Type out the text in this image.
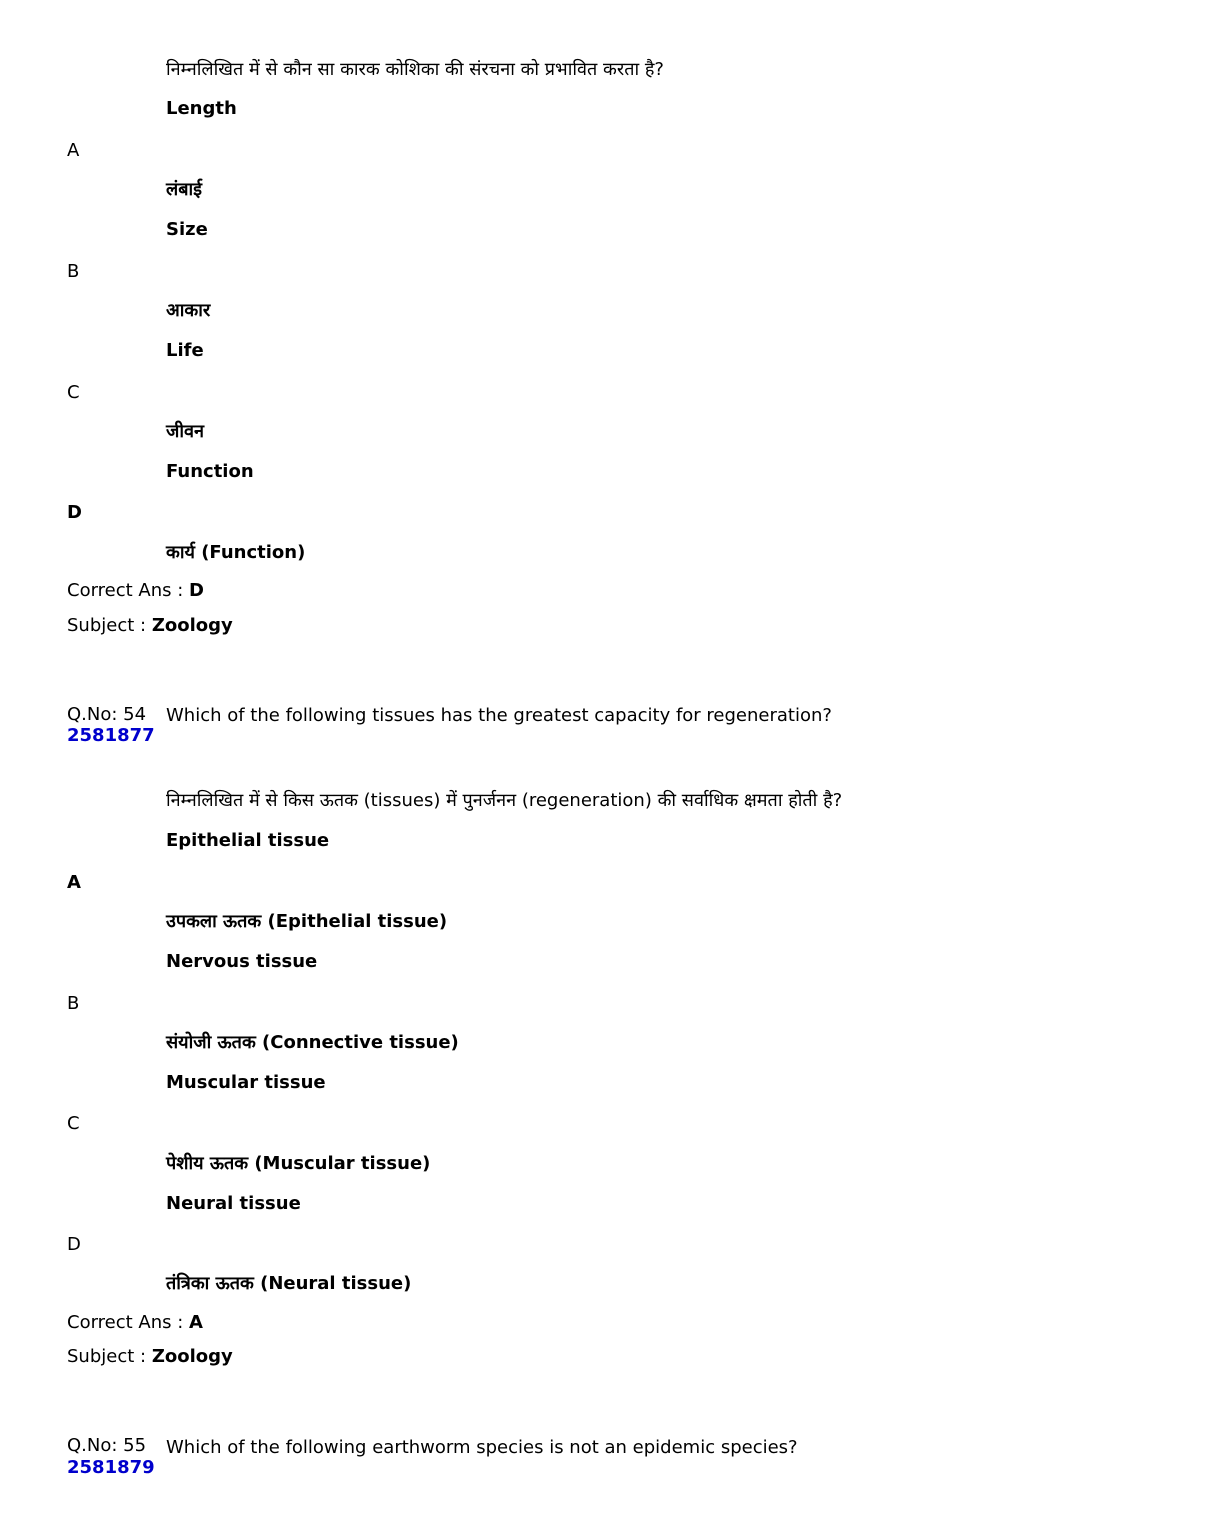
निम्नलिखित में से कौन सा कारक कोशिका की संरचना को प्रभावित करता है?
Length
A
लंबाई
Size
B
आकार
Life
C
जीवन
Function
D
कार्य (Function)
Correct Ans : D
Subject : Zoology
Q.No: 54
2581877
Which of the following tissues has the greatest capacity for regeneration?
निम्नलिखित में से किस ऊतक (tissues) में पुनर्जनन (regeneration) की सर्वाधिक क्षमता होती है?
Epithelial tissue
A
उपकला ऊतक (Epithelial tissue)
Nervous tissue
B
संयोजी ऊतक (Connective tissue)
Muscular tissue
C
पेशीय ऊतक (Muscular tissue)
Neural tissue
D
तंत्रिका ऊतक (Neural tissue)
Correct Ans : A
Subject : Zoology
Q.No: 55
2581879
Which of the following earthworm species is not an epidemic species?
